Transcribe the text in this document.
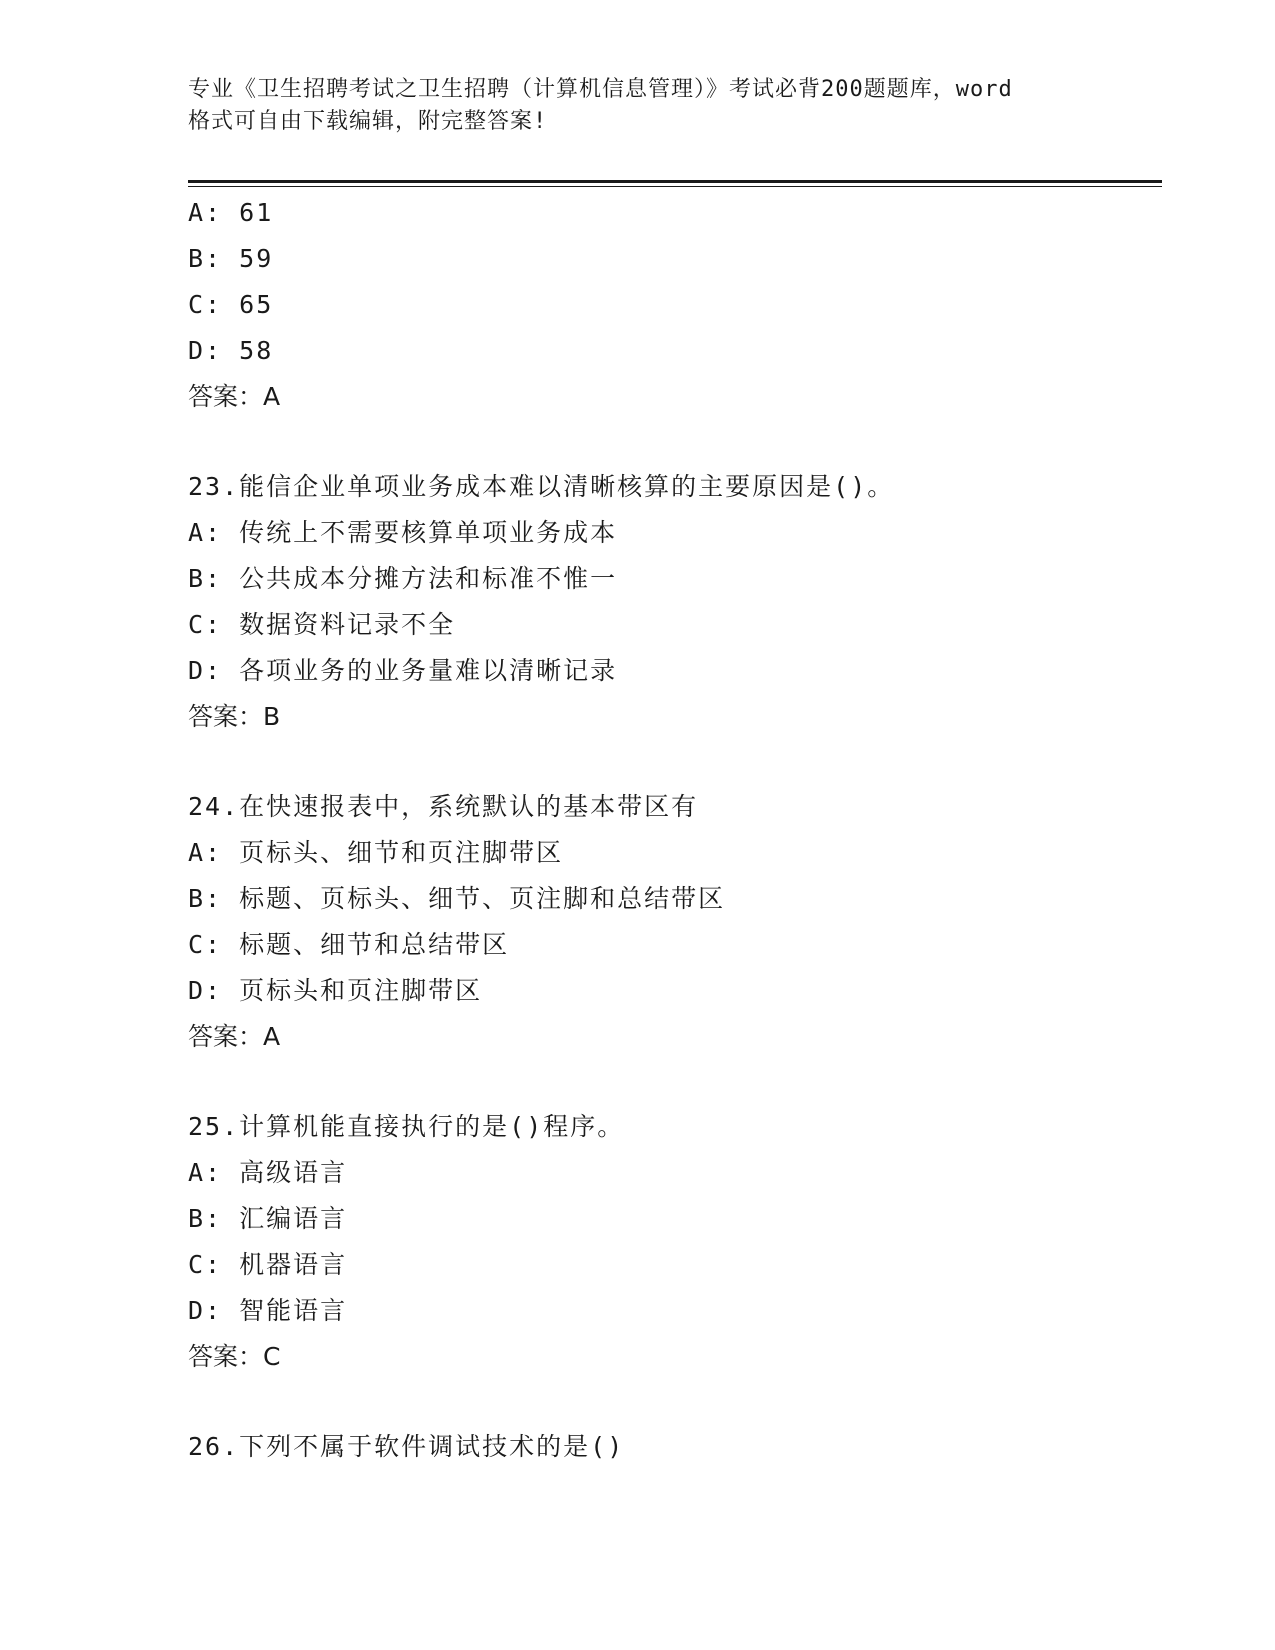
专业《卫生招聘考试之卫生招聘（计算机信息管理）》考试必背200题题库，word
格式可自由下载编辑，附完整答案!
A: 61
B: 59
C: 65
D: 58
答案：A
23.能信企业单项业务成本难以清晰核算的主要原因是()。
A: 传统上不需要核算单项业务成本
B: 公共成本分摊方法和标准不惟一
C: 数据资料记录不全
D: 各项业务的业务量难以清晰记录
答案：B
24.在快速报表中，系统默认的基本带区有
A: 页标头、细节和页注脚带区
B: 标题、页标头、细节、页注脚和总结带区
C: 标题、细节和总结带区
D: 页标头和页注脚带区
答案：A
25.计算机能直接执行的是()程序。
A: 高级语言
B: 汇编语言
C: 机器语言
D: 智能语言
答案：C
26.下列不属于软件调试技术的是()
